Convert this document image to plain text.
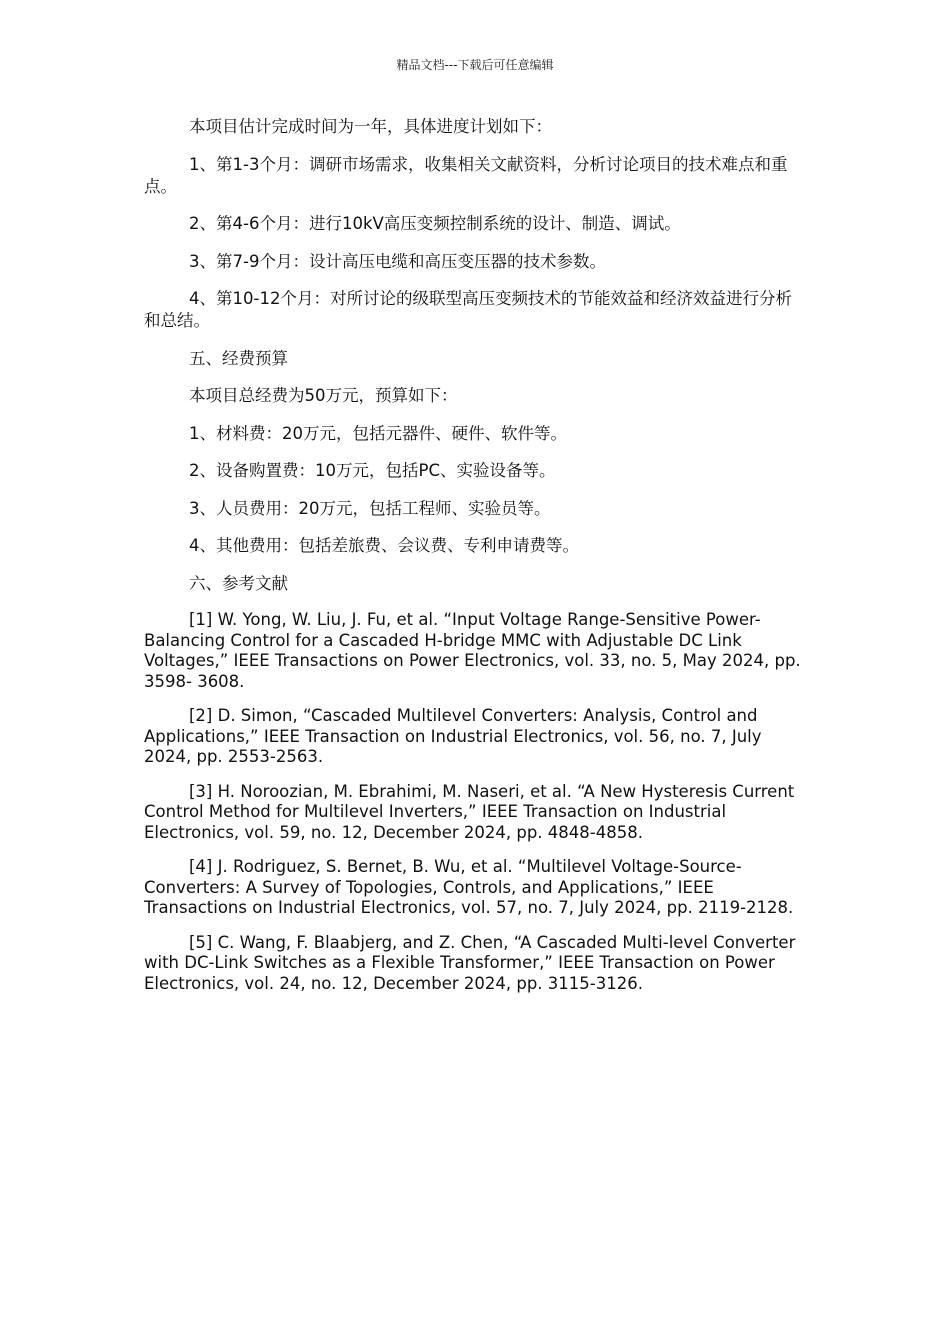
精品文档---下载后可任意编辑

本项目估计完成时间为一年，具体进度计划如下：

1、第1-3个月：调研市场需求，收集相关文献资料，分析讨论项目的技术难点和重点。

2、第4-6个月：进行10kV高压变频控制系统的设计、制造、调试。

3、第7-9个月：设计高压电缆和高压变压器的技术参数。

4、第10-12个月：对所讨论的级联型高压变频技术的节能效益和经济效益进行分析和总结。

五、经费预算

本项目总经费为50万元，预算如下：

1、材料费：20万元，包括元器件、硬件、软件等。

2、设备购置费：10万元，包括PC、实验设备等。

3、人员费用：20万元，包括工程师、实验员等。

4、其他费用：包括差旅费、会议费、专利申请费等。

六、参考文献

[1] W. Yong, W. Liu, J. Fu, et al. “Input Voltage Range-Sensitive Power- Balancing Control for a Cascaded H-bridge MMC with Adjustable DC Link Voltages,” IEEE Transactions on Power Electronics, vol. 33, no. 5, May 2024, pp. 3598- 3608.

[2] D. Simon, “Cascaded Multilevel Converters: Analysis, Control and Applications,” IEEE Transaction on Industrial Electronics, vol. 56, no. 7, July 2024, pp. 2553-2563.

[3] H. Noroozian, M. Ebrahimi, M. Naseri, et al. “A New Hysteresis Current Control Method for Multilevel Inverters,” IEEE Transaction on Industrial Electronics, vol. 59, no. 12, December 2024, pp. 4848-4858.

[4] J. Rodriguez, S. Bernet, B. Wu, et al. “Multilevel Voltage-Source-Converters: A Survey of Topologies, Controls, and Applications,” IEEE Transactions on Industrial Electronics, vol. 57, no. 7, July 2024, pp. 2119-2128.

[5] C. Wang, F. Blaabjerg, and Z. Chen, “A Cascaded Multi-level Converter with DC-Link Switches as a Flexible Transformer,” IEEE Transaction on Power Electronics, vol. 24, no. 12, December 2024, pp. 3115-3126.
